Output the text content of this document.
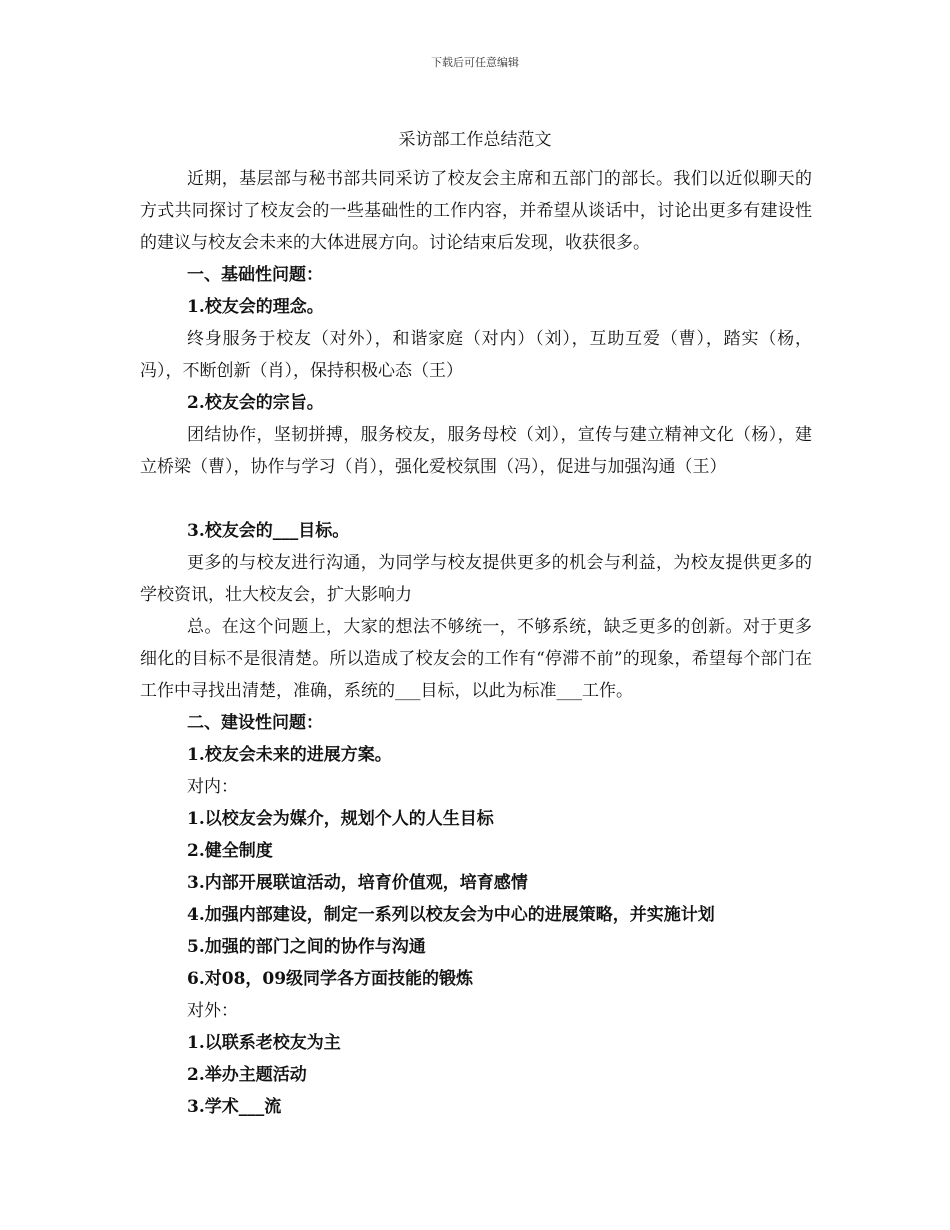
下载后可任意编辑
采访部工作总结范文
近期，基层部与秘书部共同采访了校友会主席和五部门的部长。我们以近似聊天的方式共同探讨了校友会的一些基础性的工作内容，并希望从谈话中，讨论出更多有建设性的建议与校友会未来的大体进展方向。讨论结束后发现，收获很多。
一、基础性问题：
1.校友会的理念。
终身服务于校友（对外），和谐家庭（对内）（刘），互助互爱（曹），踏实（杨，冯），不断创新（肖），保持积极心态（王）
2.校友会的宗旨。
团结协作，坚韧拼搏，服务校友，服务母校（刘），宣传与建立精神文化（杨），建立桥梁（曹），协作与学习（肖），强化爱校氛围（冯），促进与加强沟通（王）
3.校友会的___目标。
更多的与校友进行沟通，为同学与校友提供更多的机会与利益，为校友提供更多的学校资讯，壮大校友会，扩大影响力
总。在这个问题上，大家的想法不够统一，不够系统，缺乏更多的创新。对于更多细化的目标不是很清楚。所以造成了校友会的工作有“停滞不前”的现象，希望每个部门在工作中寻找出清楚，准确，系统的___目标，以此为标准___工作。
二、建设性问题：
1.校友会未来的进展方案。
对内：
1.以校友会为媒介，规划个人的人生目标
2.健全制度
3.内部开展联谊活动，培育价值观，培育感情
4.加强内部建设，制定一系列以校友会为中心的进展策略，并实施计划
5.加强的部门之间的协作与沟通
6.对08，09级同学各方面技能的锻炼
对外：
1.以联系老校友为主
2.举办主题活动
3.学术___流
